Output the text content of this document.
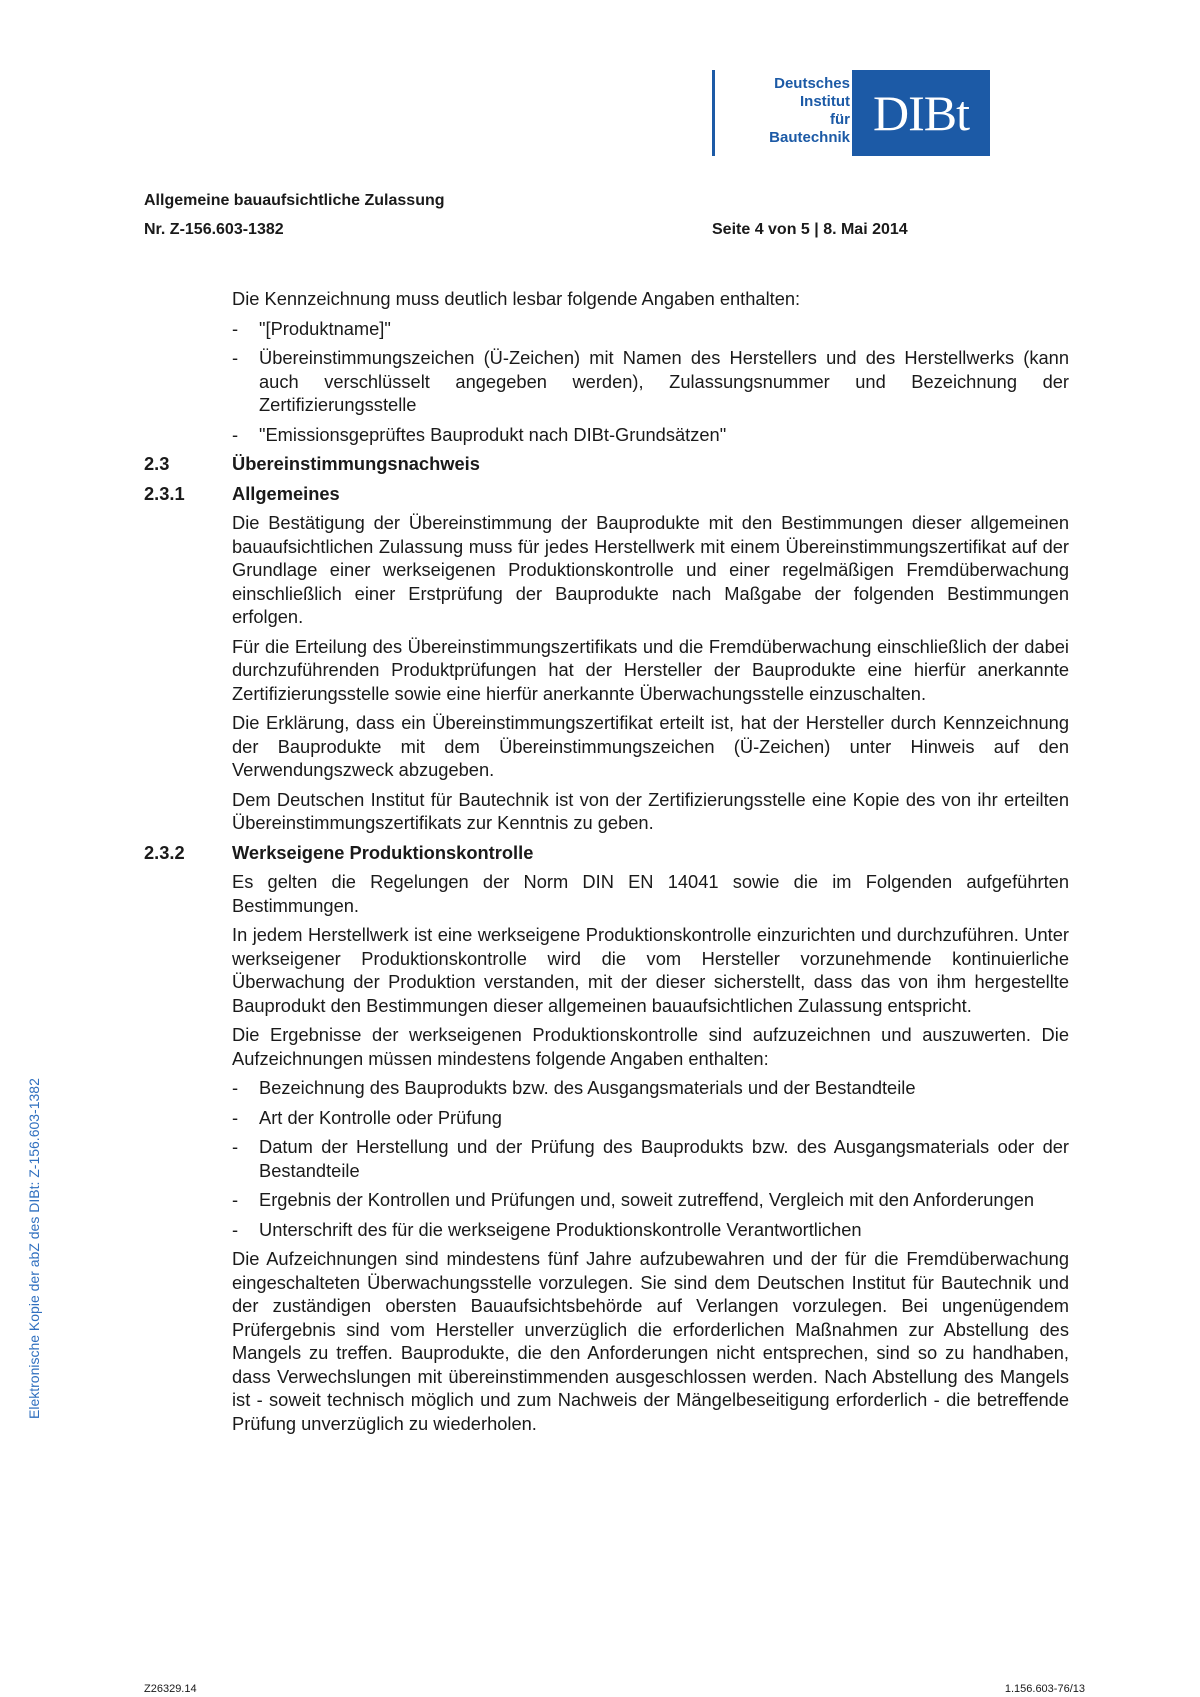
Deutsches
Institut
für
Bautechnik DIBt
Allgemeine bauaufsichtliche Zulassung
Nr. Z-156.603-1382	Seite 4 von 5 | 8. Mai 2014
Elektronische Kopie der abZ des DIBt: Z-156.603-1382
Die Kennzeichnung muss deutlich lesbar folgende Angaben enthalten:
-	"[Produktname]"
-	Übereinstimmungszeichen (Ü-Zeichen) mit Namen des Herstellers und des Herstellwerks (kann auch verschlüsselt angegeben werden), Zulassungsnummer und Bezeichnung der Zertifizierungsstelle
-	"Emissionsgeprüftes Bauprodukt nach DIBt-Grundsätzen"
2.3	Übereinstimmungsnachweis
2.3.1	Allgemeines
Die Bestätigung der Übereinstimmung der Bauprodukte mit den Bestimmungen dieser allgemeinen bauaufsichtlichen Zulassung muss für jedes Herstellwerk mit einem Übereinstimmungszertifikat auf der Grundlage einer werkseigenen Produktionskontrolle und einer regelmäßigen Fremdüberwachung einschließlich einer Erstprüfung der Bauprodukte nach Maßgabe der folgenden Bestimmungen erfolgen.
Für die Erteilung des Übereinstimmungszertifikats und die Fremdüberwachung einschließlich der dabei durchzuführenden Produktprüfungen hat der Hersteller der Bauprodukte eine hierfür anerkannte Zertifizierungsstelle sowie eine hierfür anerkannte Überwachungsstelle einzuschalten.
Die Erklärung, dass ein Übereinstimmungszertifikat erteilt ist, hat der Hersteller durch Kennzeichnung der Bauprodukte mit dem Übereinstimmungszeichen (Ü-Zeichen) unter Hinweis auf den Verwendungszweck abzugeben.
Dem Deutschen Institut für Bautechnik ist von der Zertifizierungsstelle eine Kopie des von ihr erteilten Übereinstimmungszertifikats zur Kenntnis zu geben.
2.3.2	Werkseigene Produktionskontrolle
Es gelten die Regelungen der Norm DIN EN 14041 sowie die im Folgenden aufgeführten Bestimmungen.
In jedem Herstellwerk ist eine werkseigene Produktionskontrolle einzurichten und durchzuführen. Unter werkseigener Produktionskontrolle wird die vom Hersteller vorzunehmende kontinuierliche Überwachung der Produktion verstanden, mit der dieser sicherstellt, dass das von ihm hergestellte Bauprodukt den Bestimmungen dieser allgemeinen bauaufsichtlichen Zulassung entspricht.
Die Ergebnisse der werkseigenen Produktionskontrolle sind aufzuzeichnen und auszuwerten. Die Aufzeichnungen müssen mindestens folgende Angaben enthalten:
-	Bezeichnung des Bauprodukts bzw. des Ausgangsmaterials und der Bestandteile
-	Art der Kontrolle oder Prüfung
-	Datum der Herstellung und der Prüfung des Bauprodukts bzw. des Ausgangsmaterials oder der Bestandteile
-	Ergebnis der Kontrollen und Prüfungen und, soweit zutreffend, Vergleich mit den Anforderungen
-	Unterschrift des für die werkseigene Produktionskontrolle Verantwortlichen
Die Aufzeichnungen sind mindestens fünf Jahre aufzubewahren und der für die Fremdüberwachung eingeschalteten Überwachungsstelle vorzulegen. Sie sind dem Deutschen Institut für Bautechnik und der zuständigen obersten Bauaufsichtsbehörde auf Verlangen vorzulegen. Bei ungenügendem Prüfergebnis sind vom Hersteller unverzüglich die erforderlichen Maßnahmen zur Abstellung des Mangels zu treffen. Bauprodukte, die den Anforderungen nicht entsprechen, sind so zu handhaben, dass Verwechslungen mit übereinstimmenden ausgeschlossen werden. Nach Abstellung des Mangels ist - soweit technisch möglich und zum Nachweis der Mängelbeseitigung erforderlich - die betreffende Prüfung unverzüglich zu wiederholen.
Z26329.14	1.156.603-76/13
